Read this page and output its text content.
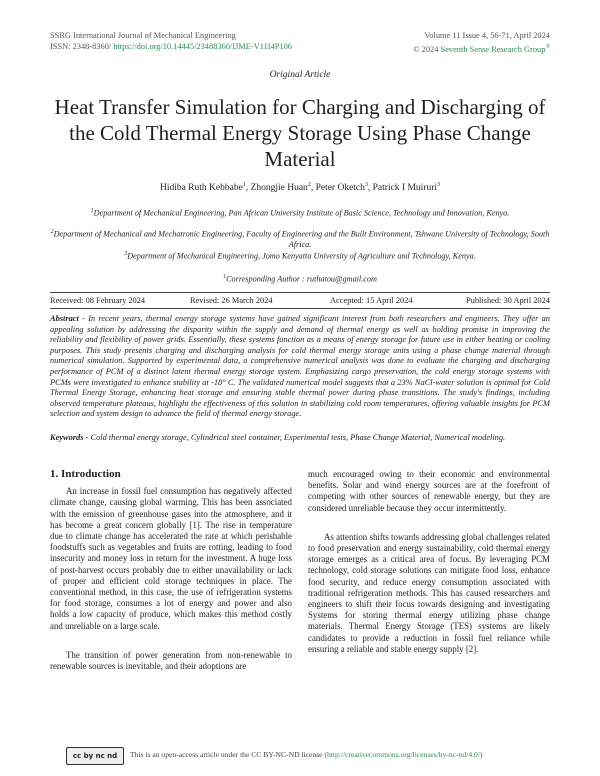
SSRG International Journal of Mechanical Engineering
ISSN: 2348-8360/ https://doi.org/10.14445/23488360/IJME-V11I4P106
Volume 11 Issue 4, 56-71, April 2024
© 2024 Seventh Sense Research Group®
Original Article
Heat Transfer Simulation for Charging and Discharging of the Cold Thermal Energy Storage Using Phase Change Material
Hidiba Ruth Kebbabe$^1$, Zhongjie Huan$^2$, Peter Oketch$^3$, Patrick I Muiruri$^3$
$^1$Department of Mechanical Engineering, Pan African University Institute of Basic Science, Technology and Innovation, Kenya.
$^2$Department of Mechanical and Mechatronic Engineering, Faculty of Engineering and the Built Environment, Tshwane University of Technology, South Africa.
$^3$Department of Mechanical Engineering, Jomo Kenyatta University of Agriculture and Technology, Kenya.
$^1$Corresponding Author : ruthatou@gmail.com
Received: 08 February 2024	Revised: 26 March 2024	Accepted: 15 April 2024	Published: 30 April 2024
Abstract - In recent years, thermal energy storage systems have gained significant interest from both researchers and engineers. They offer an appealing solution by addressing the disparity within the supply and demand of thermal energy as well as holding promise in improving the reliability and flexibility of power grids. Essentially, these systems function as a means of energy storage for future use in either heating or cooling purposes. This study presents charging and discharging analysis for cold thermal energy storage units using a phase change material through numerical simulation. Supported by experimental data, a comprehensive numerical analysis was done to evaluate the charging and discharging performance of PCM of a distinct latent thermal energy storage system. Emphasizing cargo preservation, the cold energy storage systems with PCMs were investigated to enhance stability at -18° C. The validated numerical model suggests that a 23% NaCl-water solution is optimal for Cold Thermal Energy Storage, enhancing heat storage and ensuring stable thermal power during phase transitions. The study's findings, including observed temperature plateaus, highlight the effectiveness of this solution in stabilizing cold room temperatures, offering valuable insights for PCM selection and system design to advance the field of thermal energy storage.
Keywords - Cold thermal energy storage, Cylindrical steel container, Experimental tests, Phase Change Material, Numerical modeling.
1. Introduction

An increase in fossil fuel consumption has negatively affected climate change, causing global warming. This has been associated with the emission of greenhouse gases into the atmosphere, and it has become a great concern globally [1]. The rise in temperature due to climate change has accelerated the rate at which perishable foodstuffs such as vegetables and fruits are rotting, leading to food insecurity and money loss in return for the investment. A huge loss of post-harvest occurs probably due to either unavailability or lack of proper and efficient cold storage techniques in place. The conventional method, in this case, the use of refrigeration systems for food storage, consumes a lot of energy and power and also holds a low capacity of produce, which makes this method costly and unreliable on a large scale.

The transition of power generation from non-renewable to renewable sources is inevitable, and their adoptions are

much encouraged owing to their economic and environmental benefits. Solar and wind energy sources are at the forefront of competing with other sources of renewable energy, but they are considered unreliable because they occur intermittently.

As attention shifts towards addressing global challenges related to food preservation and energy sustainability, cold thermal energy storage emerges as a critical area of focus. By leveraging PCM technology, cold storage solutions can mitigate food loss, enhance food security, and reduce energy consumption associated with traditional refrigeration methods. This has caused researchers and engineers to shift their focus towards designing and investigating Systems for storing thermal energy utilizing phase change materials. Thermal Energy Storage (TES) systems are likely candidates to provide a reduction in fossil fuel reliance while ensuring a reliable and stable energy supply [2].

cc by nc nd This is an open-access article under the CC BY-NC-ND license (http://creativecommons.org/licenses/by-nc-nd/4.0/)
